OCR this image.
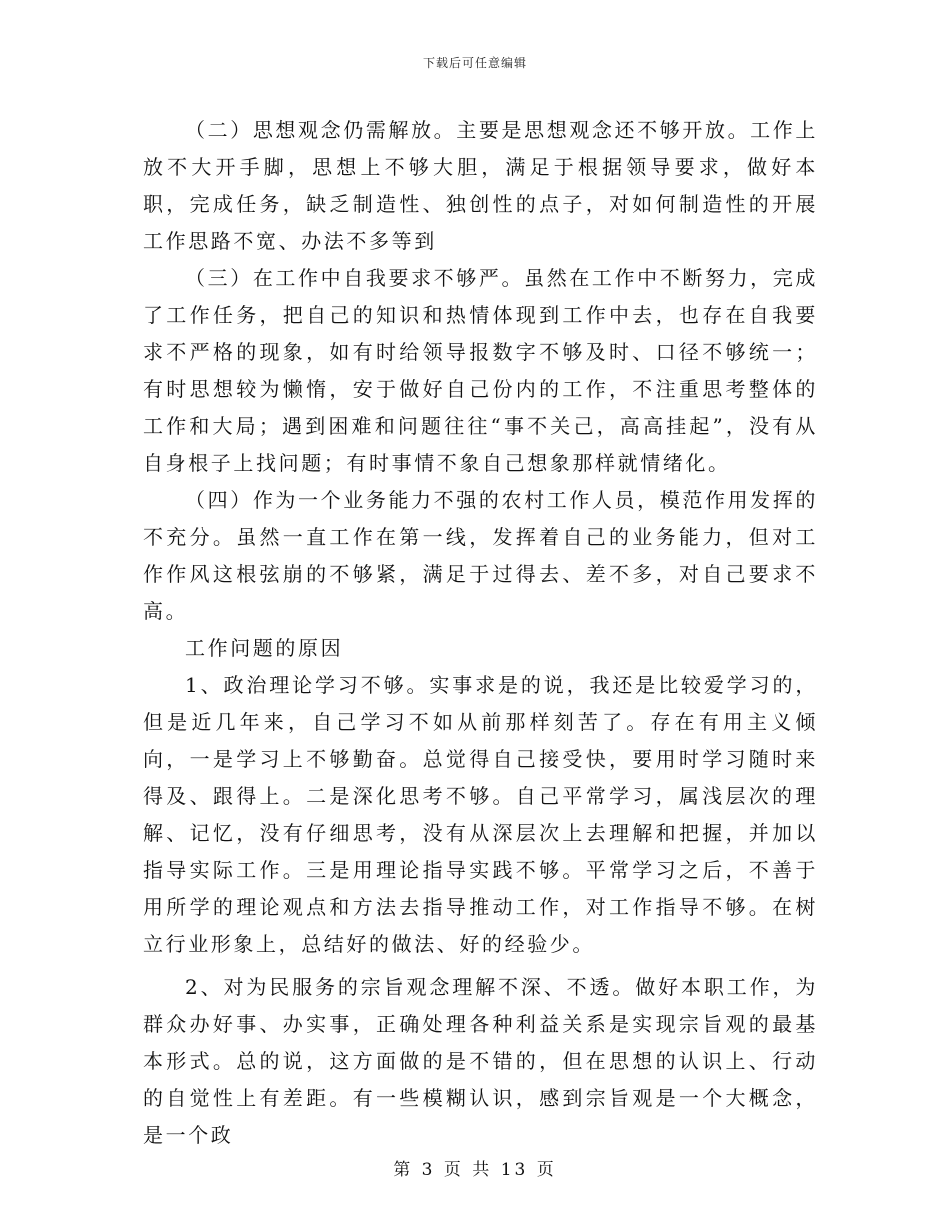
下载后可任意编辑

（二）思想观念仍需解放。主要是思想观念还不够开放。工作上放不大开手脚，思想上不够大胆，满足于根据领导要求，做好本职，完成任务，缺乏制造性、独创性的点子，对如何制造性的开展工作思路不宽、办法不多等到

（三）在工作中自我要求不够严。虽然在工作中不断努力，完成了工作任务，把自己的知识和热情体现到工作中去，也存在自我要求不严格的现象，如有时给领导报数字不够及时、口径不够统一；有时思想较为懒惰，安于做好自己份内的工作，不注重思考整体的工作和大局；遇到困难和问题往往“事不关己，高高挂起”，没有从自身根子上找问题；有时事情不象自己想象那样就情绪化。

（四）作为一个业务能力不强的农村工作人员，模范作用发挥的不充分。虽然一直工作在第一线，发挥着自己的业务能力，但对工作作风这根弦崩的不够紧，满足于过得去、差不多，对自己要求不高。

工作问题的原因

1、政治理论学习不够。实事求是的说，我还是比较爱学习的，但是近几年来，自己学习不如从前那样刻苦了。存在有用主义倾向，一是学习上不够勤奋。总觉得自己接受快，要用时学习随时来得及、跟得上。二是深化思考不够。自己平常学习，属浅层次的理解、记忆，没有仔细思考，没有从深层次上去理解和把握，并加以指导实际工作。三是用理论指导实践不够。平常学习之后，不善于用所学的理论观点和方法去指导推动工作，对工作指导不够。在树立行业形象上，总结好的做法、好的经验少。

2、对为民服务的宗旨观念理解不深、不透。做好本职工作，为群众办好事、办实事，正确处理各种利益关系是实现宗旨观的最基本形式。总的说，这方面做的是不错的，但在思想的认识上、行动的自觉性上有差距。有一些模糊认识，感到宗旨观是一个大概念，是一个政

第 3 页 共 13 页
